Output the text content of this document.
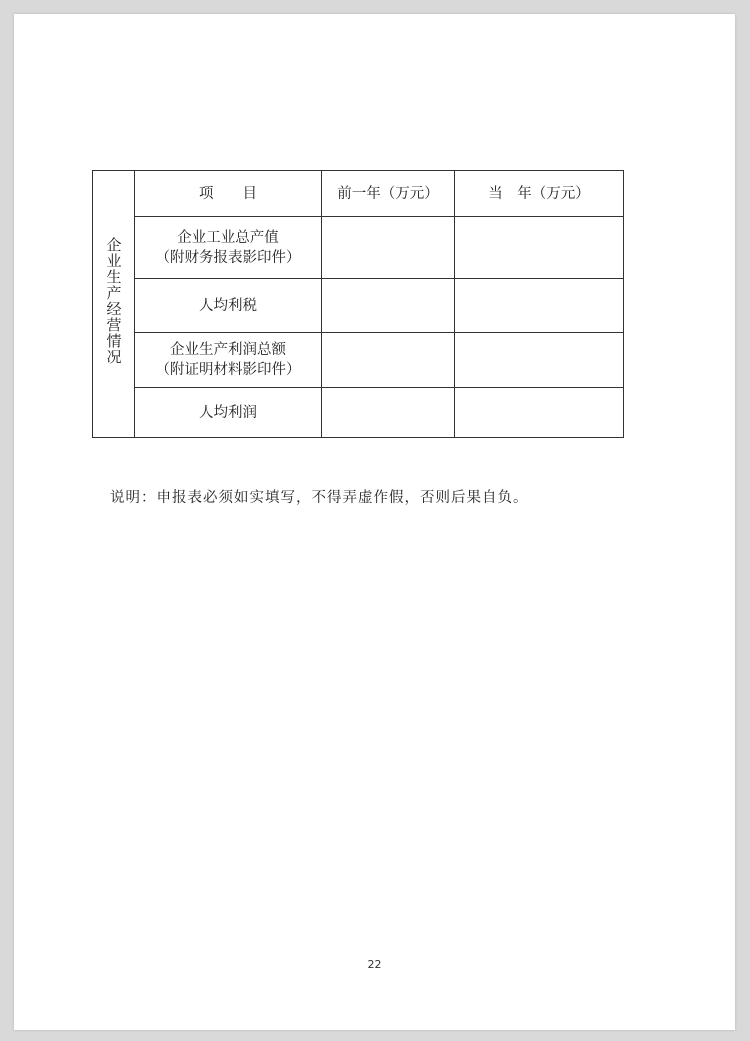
企业生产经营情况	项　　目	前一年（万元）	当　年（万元）

	企业工业总产值
（附财务报表影印件）		

	人均利税		

	企业生产利润总额
（附证明材料影印件）		

	人均利润		
说明：申报表必须如实填写，不得弄虚作假，否则后果自负。
22
